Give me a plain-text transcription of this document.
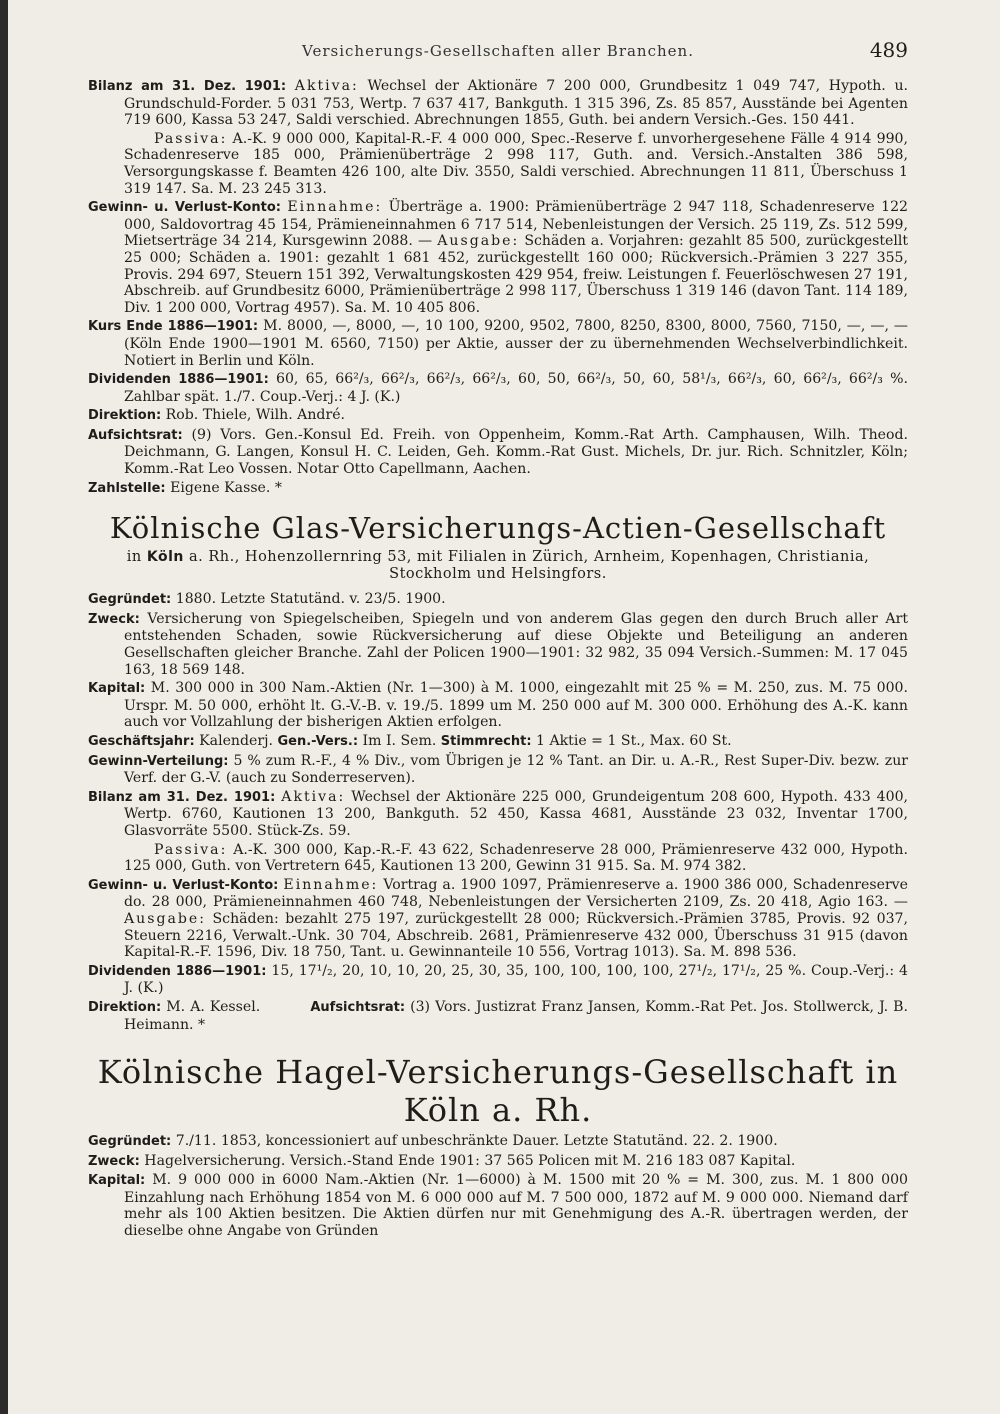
Versicherungs-Gesellschaften aller Branchen.	489

Bilanz am 31. Dez. 1901: Aktiva: Wechsel der Aktionäre 7 200 000, Grundbesitz 1 049 747, Hypoth. u. Grundschuld-Forder. 5 031 753, Wertp. 7 637 417, Bankguth. 1 315 396, Zs. 85 857, Ausstände bei Agenten 719 600, Kassa 53 247, Saldi verschied. Abrechnungen 1855, Guth. bei andern Versich.-Ges. 150 441.

Passiva: A.-K. 9 000 000, Kapital-R.-F. 4 000 000, Spec.-Reserve f. unvorhergesehene Fälle 4 914 990, Schadenreserve 185 000, Prämienüberträge 2 998 117, Guth. and. Versich.-Anstalten 386 598, Versorgungskasse f. Beamten 426 100, alte Div. 3550, Saldi verschied. Abrechnungen 11 811, Überschuss 1 319 147. Sa. M. 23 245 313.

Gewinn- u. Verlust-Konto: Einnahme: Überträge a. 1900: Prämienüberträge 2 947 118, Schadenreserve 122 000, Saldovortrag 45 154, Prämieneinnahmen 6 717 514, Nebenleistungen der Versich. 25 119, Zs. 512 599, Mietserträge 34 214, Kursgewinn 2088. — Ausgabe: Schäden a. Vorjahren: gezahlt 85 500, zurückgestellt 25 000; Schäden a. 1901: gezahlt 1 681 452, zurückgestellt 160 000; Rückversich.-Prämien 3 227 355, Provis. 294 697, Steuern 151 392, Verwaltungskosten 429 954, freiw. Leistungen f. Feuerlöschwesen 27 191, Abschreib. auf Grundbesitz 6000, Prämienüberträge 2 998 117, Überschuss 1 319 146 (davon Tant. 114 189, Div. 1 200 000, Vortrag 4957). Sa. M. 10 405 806.

Kurs Ende 1886—1901: M. 8000, —, 8000, —, 10 100, 9200, 9502, 7800, 8250, 8300, 8000, 7560, 7150, —, —, — (Köln Ende 1900—1901 M. 6560, 7150) per Aktie, ausser der zu übernehmenden Wechselverbindlichkeit. Notiert in Berlin und Köln.

Dividenden 1886—1901: 60, 65, 66²/₃, 66²/₃, 66²/₃, 66²/₃, 60, 50, 66²/₃, 50, 60, 58¹/₃, 66²/₃, 60, 66²/₃, 66²/₃ %. Zahlbar spät. 1./7. Coup.-Verj.: 4 J. (K.)

Direktion: Rob. Thiele, Wilh. André.

Aufsichtsrat: (9) Vors. Gen.-Konsul Ed. Freih. von Oppenheim, Komm.-Rat Arth. Camphausen, Wilh. Theod. Deichmann, G. Langen, Konsul H. C. Leiden, Geh. Komm.-Rat Gust. Michels, Dr. jur. Rich. Schnitzler, Köln; Komm.-Rat Leo Vossen. Notar Otto Capellmann, Aachen.

Zahlstelle: Eigene Kasse. *

Kölnische Glas-Versicherungs-Actien-Gesellschaft
in Köln a. Rh., Hohenzollernring 53, mit Filialen in Zürich, Arnheim, Kopenhagen, Christiania, Stockholm und Helsingfors.

Gegründet: 1880. Letzte Statutänd. v. 23/5. 1900.

Zweck: Versicherung von Spiegelscheiben, Spiegeln und von anderem Glas gegen den durch Bruch aller Art entstehenden Schaden, sowie Rückversicherung auf diese Objekte und Beteiligung an anderen Gesellschaften gleicher Branche. Zahl der Policen 1900—1901: 32 982, 35 094 Versich.-Summen: M. 17 045 163, 18 569 148.

Kapital: M. 300 000 in 300 Nam.-Aktien (Nr. 1—300) à M. 1000, eingezahlt mit 25 % = M. 250, zus. M. 75 000. Urspr. M. 50 000, erhöht lt. G.-V.-B. v. 19./5. 1899 um M. 250 000 auf M. 300 000. Erhöhung des A.-K. kann auch vor Vollzahlung der bisherigen Aktien erfolgen.

Geschäftsjahr: Kalenderj. Gen.-Vers.: Im I. Sem. Stimmrecht: 1 Aktie = 1 St., Max. 60 St.

Gewinn-Verteilung: 5 % zum R.-F., 4 % Div., vom Übrigen je 12 % Tant. an Dir. u. A.-R., Rest Super-Div. bezw. zur Verf. der G.-V. (auch zu Sonderreserven).

Bilanz am 31. Dez. 1901: Aktiva: Wechsel der Aktionäre 225 000, Grundeigentum 208 600, Hypoth. 433 400, Wertp. 6760, Kautionen 13 200, Bankguth. 52 450, Kassa 4681, Ausstände 23 032, Inventar 1700, Glasvorräte 5500. Stück-Zs. 59.

Passiva: A.-K. 300 000, Kap.-R.-F. 43 622, Schadenreserve 28 000, Prämienreserve 432 000, Hypoth. 125 000, Guth. von Vertretern 645, Kautionen 13 200, Gewinn 31 915. Sa. M. 974 382.

Gewinn- u. Verlust-Konto: Einnahme: Vortrag a. 1900 1097, Prämienreserve a. 1900 386 000, Schadenreserve do. 28 000, Prämieneinnahmen 460 748, Nebenleistungen der Versicherten 2109, Zs. 20 418, Agio 163. — Ausgabe: Schäden: bezahlt 275 197, zurückgestellt 28 000; Rückversich.-Prämien 3785, Provis. 92 037, Steuern 2216, Verwalt.-Unk. 30 704, Abschreib. 2681, Prämienreserve 432 000, Überschuss 31 915 (davon Kapital-R.-F. 1596, Div. 18 750, Tant. u. Gewinnanteile 10 556, Vortrag 1013). Sa. M. 898 536.

Dividenden 1886—1901: 15, 17¹/₂, 20, 10, 10, 20, 25, 30, 35, 100, 100, 100, 100, 27¹/₂, 17¹/₂, 25 %. Coup.-Verj.: 4 J. (K.)

Direktion: M. A. Kessel.	Aufsichtsrat: (3) Vors. Justizrat Franz Jansen, Komm.-Rat Pet. Jos. Stollwerck, J. B. Heimann. *

Kölnische Hagel-Versicherungs-Gesellschaft in Köln a. Rh.

Gegründet: 7./11. 1853, koncessioniert auf unbeschränkte Dauer. Letzte Statutänd. 22. 2. 1900.

Zweck: Hagelversicherung. Versich.-Stand Ende 1901: 37 565 Policen mit M. 216 183 087 Kapital.

Kapital: M. 9 000 000 in 6000 Nam.-Aktien (Nr. 1—6000) à M. 1500 mit 20 % = M. 300, zus. M. 1 800 000 Einzahlung nach Erhöhung 1854 von M. 6 000 000 auf M. 7 500 000, 1872 auf M. 9 000 000. Niemand darf mehr als 100 Aktien besitzen. Die Aktien dürfen nur mit Genehmigung des A.-R. übertragen werden, der dieselbe ohne Angabe von Gründen
